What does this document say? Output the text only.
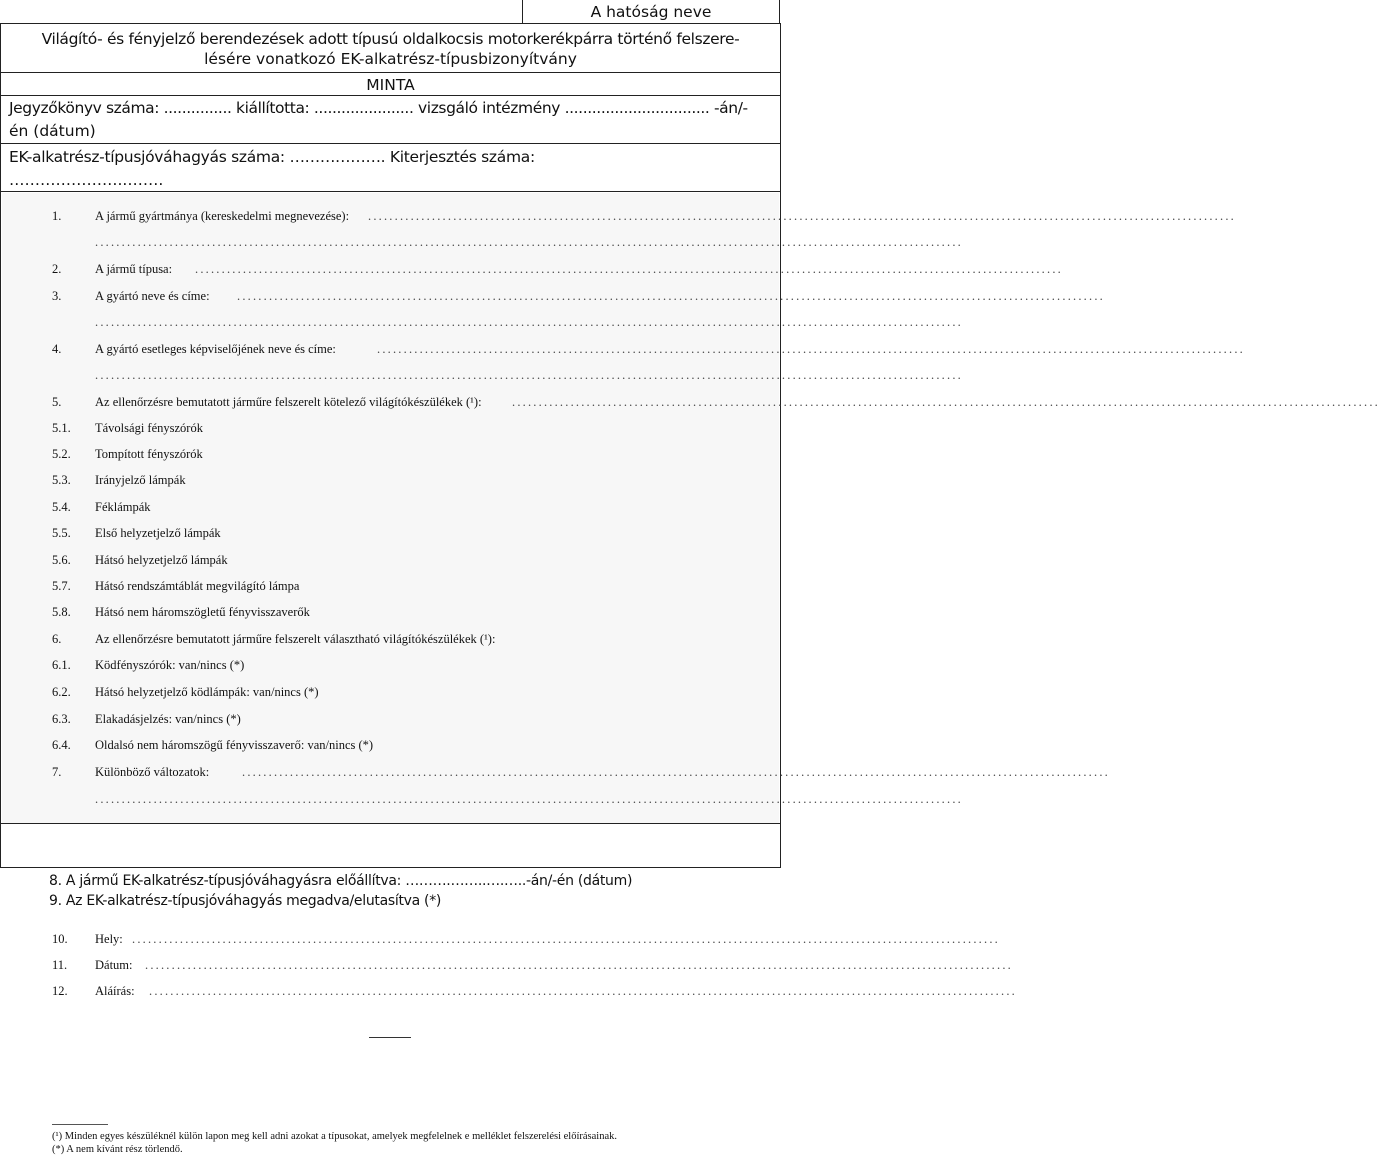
A hatóság neve
Világító- és fényjelző berendezések adott típusú oldalkocsis motorkerékpárra történő felszere-
lésére vonatkozó EK-alkatrész-típusbizonyítvány
MINTA
Jegyzőkönyv száma: ............... kiállította: ...................... vizsgáló intézmény ................................ -án/-
én (dátum)
EK-alkatrész-típusjóváhagyás száma: ………………. Kiterjesztés száma:
…………………..…….
1.	A jármű gyártmánya (kereskedelmi megnevezése): ...................................................................................................................................................................
...................................................................................................................................................................
2.	A jármű típusa: ...................................................................................................................................................................
3.	A gyártó neve és címe: ...................................................................................................................................................................
...................................................................................................................................................................
4.	A gyártó esetleges képviselőjének neve és címe:	...................................................................................................................................................................
...................................................................................................................................................................
5.	Az ellenőrzésre bemutatott járműre felszerelt kötelező világítókészülékek (¹): ...................................................................................................................................................................
5.1. Távolsági fényszórók
5.2. Tompított fényszórók
5.3. Irányjelző lámpák
5.4. Féklámpák
5.5. Első helyzetjelző lámpák
5.6. Hátsó helyzetjelző lámpák
5.7. Hátsó rendszámtáblát megvilágító lámpa
5.8. Hátsó nem háromszögletű fényvisszaverők
6.	Az ellenőrzésre bemutatott járműre felszerelt választható világítókészülékek (¹):
6.1. Ködfényszórók: van/nincs (*)
6.2. Hátsó helyzetjelző ködlámpák: van/nincs (*)
6.3. Elakadásjelzés: van/nincs (*)
6.4. Oldalsó nem háromszögű fényvisszaverő: van/nincs (*)
7.	Különböző változatok:	...................................................................................................................................................................
...................................................................................................................................................................
8. A jármű EK-alkatrész-típusjóváhagyásra előállítva: ……….……..….…..-án/-én (dátum)
9. Az EK-alkatrész-típusjóváhagyás megadva/elutasítva (*)
10. Hely: ...................................................................................................................................................................
11. Dátum: ...................................................................................................................................................................
12. Aláírás: ...................................................................................................................................................................
(¹) Minden egyes készüléknél külön lapon meg kell adni azokat a típusokat, amelyek megfelelnek e melléklet felszerelési előírásainak.
(*) A nem kívánt rész törlendő.
